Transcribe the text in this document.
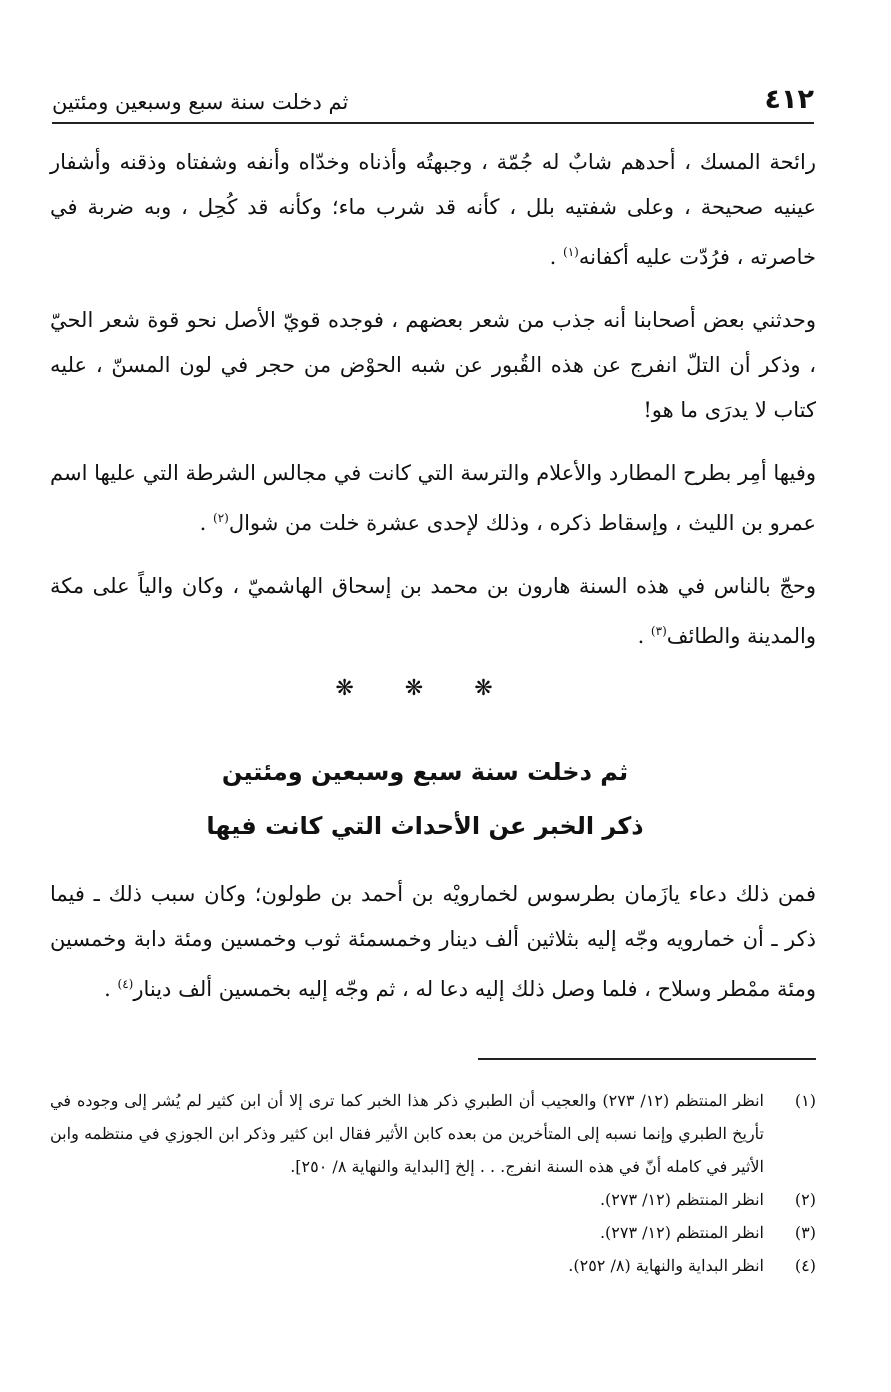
٤١٢
ثم دخلت سنة سبع وسبعين ومئتين

رائحة المسك ، أحدهم شابٌ له جُمّة ، وجبهتُه وأذناه وخدّاه وأنفه وشفتاه وذقنه وأشفار عينيه صحيحة ، وعلى شفتيه بلل ، كأنه قد شرب ماء؛ وكأنه قد كُحِل ، وبه ضربة في خاصرته ، فرُدّت عليه أكفانه$^{(١)}$ .

وحدثني بعض أصحابنا أنه جذب من شعر بعضهم ، فوجده قويّ الأصل نحو قوة شعر الحيّ ، وذكر أن التلّ انفرج عن هذه القُبور عن شبه الحوْض من حجر في لون المسنّ ، عليه كتاب لا يدرَى ما هو!

وفيها أمِر بطرح المطارد والأعلام والترسة التي كانت في مجالس الشرطة التي عليها اسم عمرو بن الليث ، وإسقاط ذكره ، وذلك لإحدى عشرة خلت من شوال$^{(٢)}$ .

وحجّ بالناس في هذه السنة هارون بن محمد بن إسحاق الهاشميّ ، وكان والياً على مكة والمدينة والطائف$^{(٣)}$ .

❋ ❋ ❋
ثم دخلت سنة سبع وسبعين ومئتين
ذكر الخبر عن الأحداث التي كانت فيها

فمن ذلك دعاء يازَمان بطرسوس لخمارويْه بن أحمد بن طولون؛ وكان سبب ذلك ـ فيما ذكر ـ أن خمارويه وجّه إليه بثلاثين ألف دينار وخمسمئة ثوب وخمسين ومئة دابة وخمسين ومئة ممْطر وسلاح ، فلما وصل ذلك إليه دعا له ، ثم وجّه إليه بخمسين ألف دينار$^{(٤)}$ .

(١)
انظر المنتظم (١٢/ ٢٧٣) والعجيب أن الطبري ذكر هذا الخبر كما ترى إلا أن ابن كثير لم يُشر إلى وجوده في تأريخ الطبري وإنما نسبه إلى المتأخرين من بعده كابن الأثير فقال ابن كثير وذكر ابن الجوزي في منتظمه وابن الأثير في كامله أنّ في هذه السنة انفرج. . . إلخ [البداية والنهاية ٨/ ٢٥٠].
(٢)
انظر المنتظم (١٢/ ٢٧٣).
(٣)
انظر المنتظم (١٢/ ٢٧٣).
(٤)
انظر البداية والنهاية (٨/ ٢٥٢).
